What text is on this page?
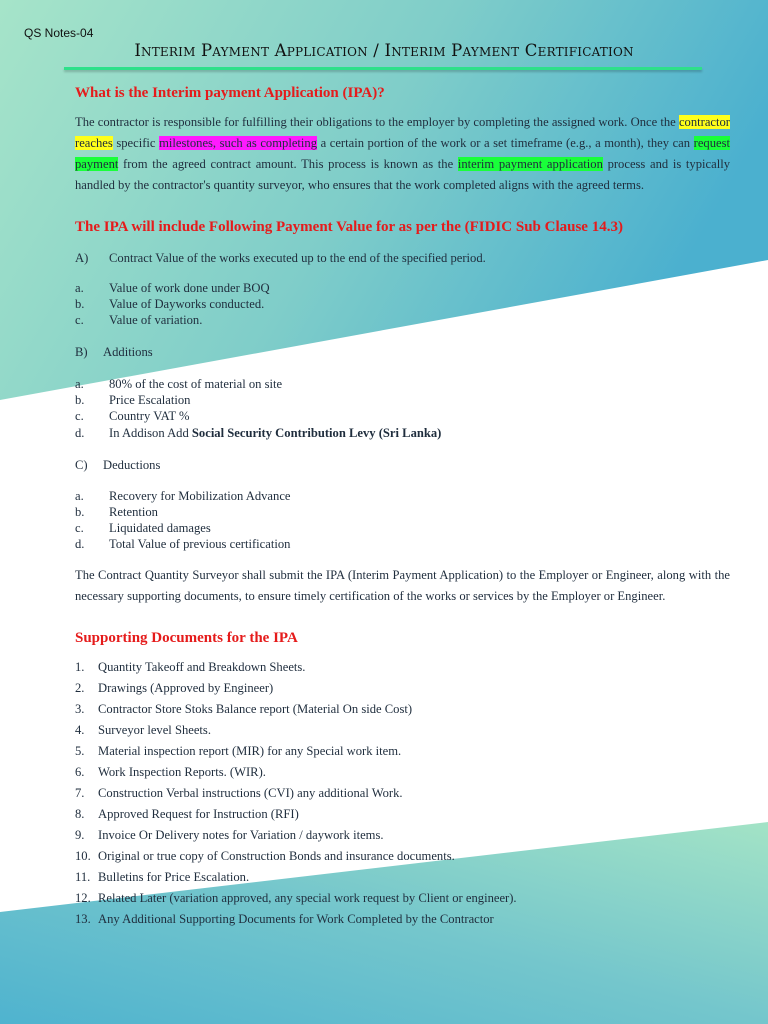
QS Notes-04
Interim Payment Application / Interim Payment Certification
What is the Interim payment Application (IPA)?
The contractor is responsible for fulfilling their obligations to the employer by completing the assigned work. Once the contractor reaches specific milestones, such as completing a certain portion of the work or a set timeframe (e.g., a month), they can request payment from the agreed contract amount. This process is known as the interim payment application process and is typically handled by the contractor's quantity surveyor, who ensures that the work completed aligns with the agreed terms.
The IPA will include Following Payment Value for as per the (FIDIC Sub Clause 14.3)
A) Contract Value of the works executed up to the end of the specified period.
a. Value of work done under BOQ
b. Value of Dayworks conducted.
c. Value of variation.
B) Additions
a. 80% of the cost of material on site
b. Price Escalation
c. Country VAT %
d. In Addison Add Social Security Contribution Levy (Sri Lanka)
C) Deductions
a. Recovery for Mobilization Advance
b. Retention
c. Liquidated damages
d. Total Value of previous certification
The Contract Quantity Surveyor shall submit the IPA (Interim Payment Application) to the Employer or Engineer, along with the necessary supporting documents, to ensure timely certification of the works or services by the Employer or Engineer.
Supporting Documents for the IPA
1. Quantity Takeoff and Breakdown Sheets.
2. Drawings (Approved by Engineer)
3. Contractor Store Stoks Balance report (Material On side Cost)
4. Surveyor level Sheets.
5. Material inspection report (MIR) for any Special work item.
6. Work Inspection Reports. (WIR).
7. Construction Verbal instructions (CVI) any additional Work.
8. Approved Request for Instruction (RFI)
9. Invoice Or Delivery notes for Variation / daywork items.
10. Original or true copy of Construction Bonds and insurance documents.
11. Bulletins for Price Escalation.
12. Related Later (variation approved, any special work request by Client or engineer).
13. Any Additional Supporting Documents for Work Completed by the Contractor
